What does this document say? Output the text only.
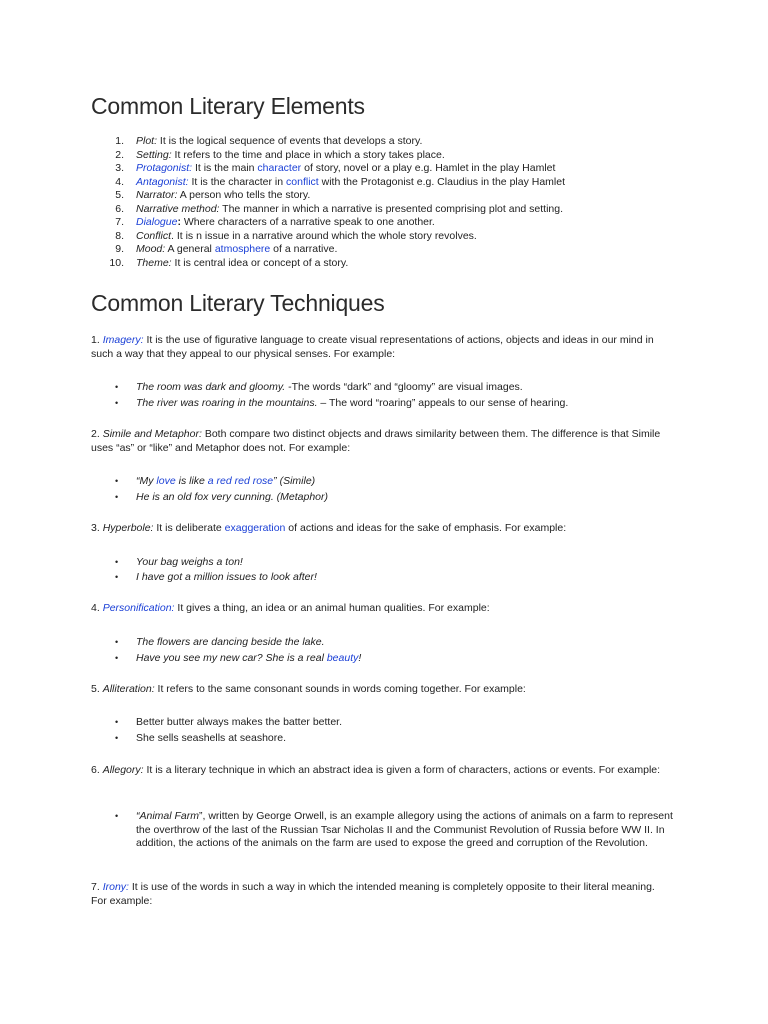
Common Literary Elements
1. Plot: It is the logical sequence of events that develops a story.
2. Setting: It refers to the time and place in which a story takes place.
3. Protagonist: It is the main character of story, novel or a play e.g. Hamlet in the play Hamlet
4. Antagonist: It is the character in conflict with the Protagonist e.g. Claudius in the play Hamlet
5. Narrator: A person who tells the story.
6. Narrative method: The manner in which a narrative is presented comprising plot and setting.
7. Dialogue: Where characters of a narrative speak to one another.
8. Conflict. It is n issue in a narrative around which the whole story revolves.
9. Mood: A general atmosphere of a narrative.
10. Theme: It is central idea or concept of a story.
Common Literary Techniques

1. Imagery: It is the use of figurative language to create visual representations of actions, objects and ideas in our mind in such a way that they appeal to our physical senses. For example:

• The room was dark and gloomy. -The words “dark” and “gloomy” are visual images.
• The river was roaring in the mountains. – The word “roaring” appeals to our sense of hearing.

2. Simile and Metaphor: Both compare two distinct objects and draws similarity between them. The difference is that Simile uses “as” or “like” and Metaphor does not. For example:

• “My love is like a red red rose” (Simile)
• He is an old fox very cunning. (Metaphor)

3. Hyperbole: It is deliberate exaggeration of actions and ideas for the sake of emphasis. For example:

• Your bag weighs a ton!
• I have got a million issues to look after!

4. Personification: It gives a thing, an idea or an animal human qualities. For example:

• The flowers are dancing beside the lake.
• Have you see my new car? She is a real beauty!

5. Alliteration: It refers to the same consonant sounds in words coming together. For example:

• Better butter always makes the batter better.
• She sells seashells at seashore.

6. Allegory: It is a literary technique in which an abstract idea is given a form of characters, actions or events. For example:

• “Animal Farm”, written by George Orwell, is an example allegory using the actions of animals on a farm to represent the overthrow of the last of the Russian Tsar Nicholas II and the Communist Revolution of Russia before WW II. In addition, the actions of the animals on the farm are used to expose the greed and corruption of the Revolution.

7. Irony: It is use of the words in such a way in which the intended meaning is completely opposite to their literal meaning. For example:
